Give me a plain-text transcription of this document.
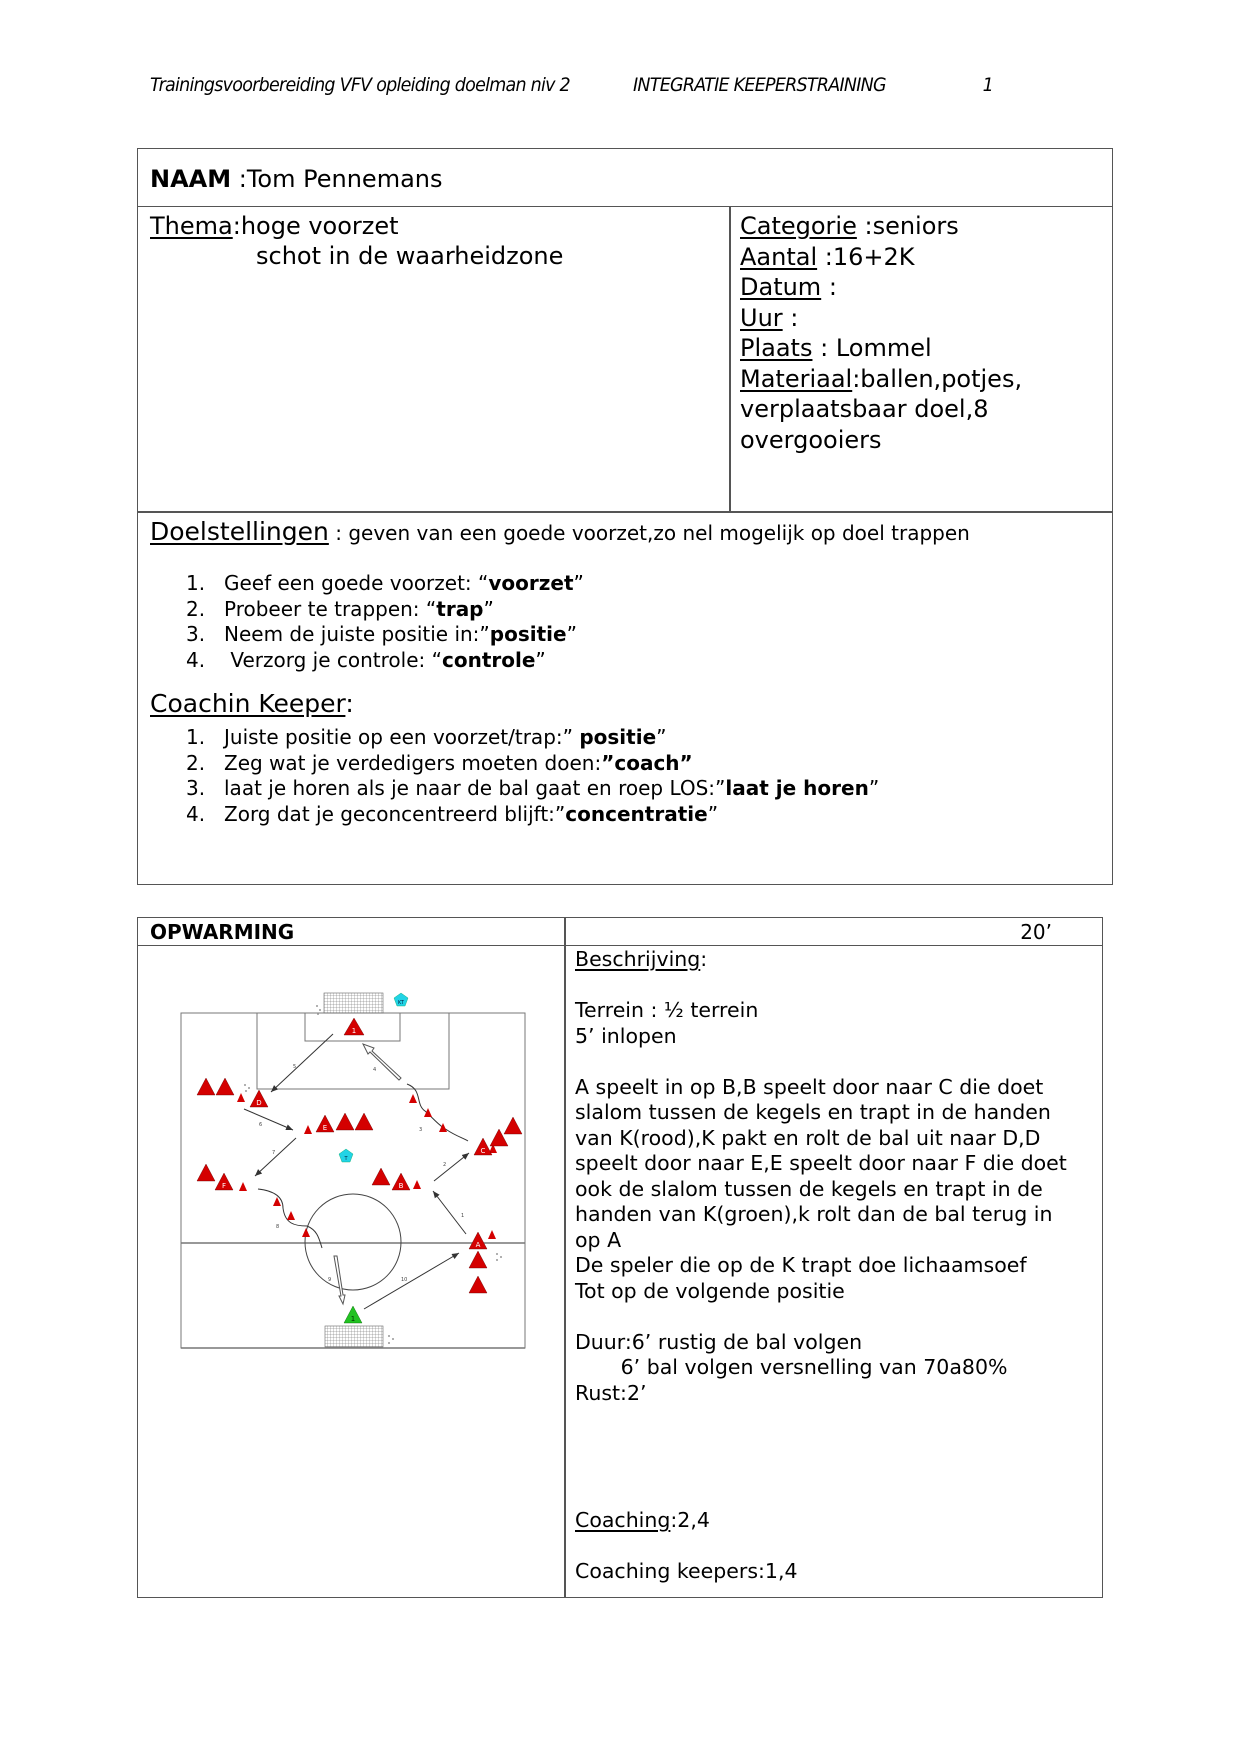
Trainingsvoorbereiding VFV opleiding doelman niv 2	INTEGRATIE KEEPERSTRAINING	1
NAAM :Tom Pennemans
Thema:hoge voorzet
schot in de waarheidzone
Categorie :seniors
Aantal :16+2K
Datum :
Uur :
Plaats : Lommel
Materiaal:ballen,potjes,
verplaatsbaar doel,8
overgooiers
Doelstellingen : geven van een goede voorzet,zo nel mogelijk op doel trappen
1. Geef een goede voorzet: “voorzet”
2. Probeer te trappen: “trap”
3. Neem de juiste positie in:”positie”
4. Verzorg je controle: “controle”
Coachin Keeper:
1. Juiste positie op een voorzet/trap:” positie”
2. Zeg wat je verdedigers moeten doen:”coach”
3. laat je horen als je naar de bal gaat en roep LOS:”laat je horen”
4. Zorg dat je geconcentreerd blijft:”concentratie”
OPWARMING	20’
1
2
3
4
5
6
7
8
9	10
1
D
E
C
F	B
A
1
KT
T
Beschrijving:
Terrein : ½ terrein
5’ inlopen
A speelt in op B,B speelt door naar C die doet
slalom tussen de kegels en trapt in de handen
van K(rood),K pakt en rolt de bal uit naar D,D
speelt door naar E,E speelt door naar F die doet
ook de slalom tussen de kegels en trapt in de
handen van K(groen),k rolt dan de bal terug in
op A
De speler die op de K trapt doe lichaamsoef
Tot op de volgende positie
Duur:6’ rustig de bal volgen
6’ bal volgen versnelling van 70a80%
Rust:2’
Coaching:2,4
Coaching keepers:1,4
